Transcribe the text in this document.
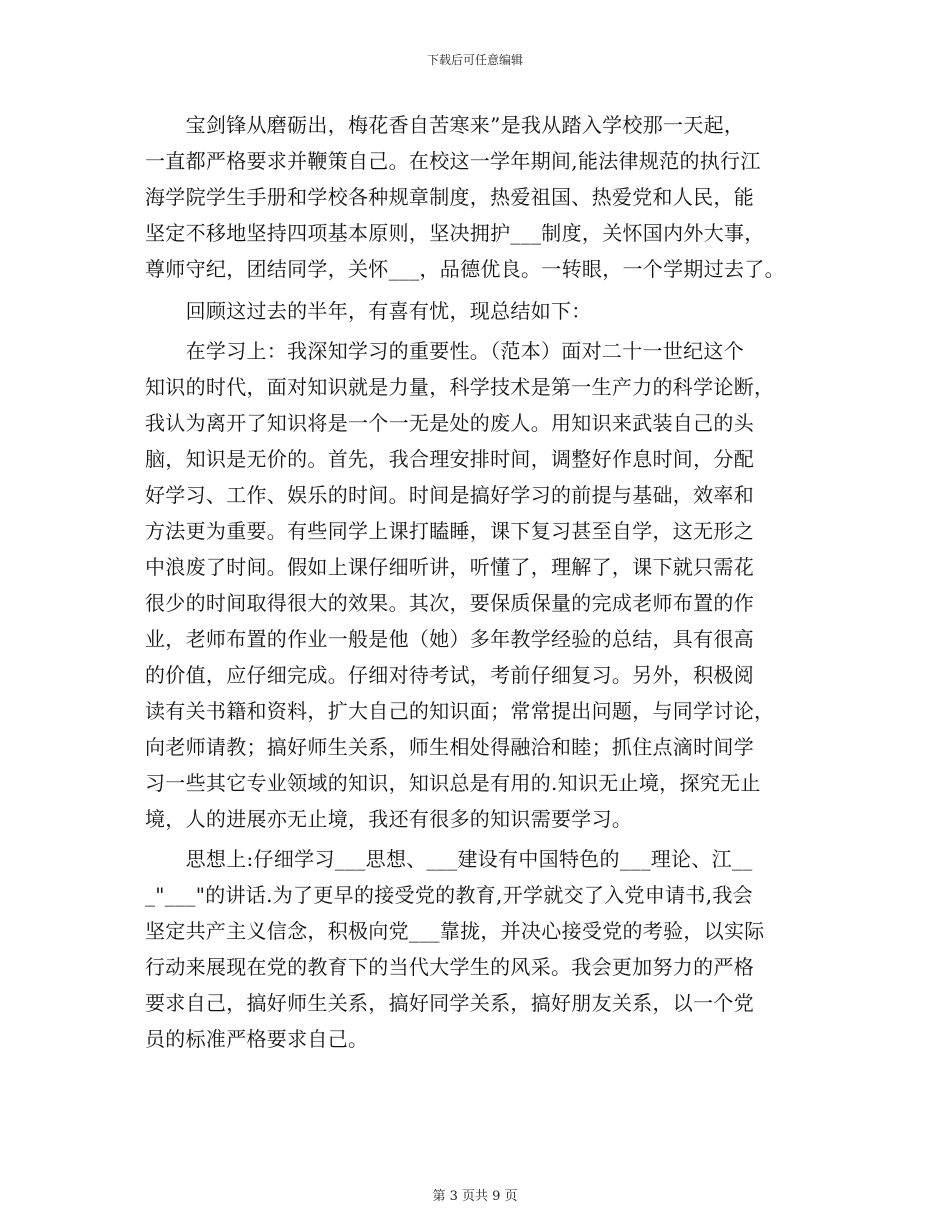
下载后可任意编辑
　　宝剑锋从磨砺出，梅花香自苦寒来”是我从踏入学校那一天起，
一直都严格要求并鞭策自己。在校这一学年期间,能法律规范的执行江
海学院学生手册和学校各种规章制度，热爱祖国、热爱党和人民，能
坚定不移地坚持四项基本原则，坚决拥护___制度，关怀国内外大事，
尊师守纪，团结同学，关怀___，品德优良。一转眼，一个学期过去了。
　　回顾这过去的半年，有喜有忧，现总结如下：
　　在学习上：我深知学习的重要性。（范本）面对二十一世纪这个
知识的时代，面对知识就是力量，科学技术是第一生产力的科学论断，
我认为离开了知识将是一个一无是处的废人。用知识来武装自己的头
脑，知识是无价的。首先，我合理安排时间，调整好作息时间，分配
好学习、工作、娱乐的时间。时间是搞好学习的前提与基础，效率和
方法更为重要。有些同学上课打瞌睡，课下复习甚至自学，这无形之
中浪废了时间。假如上课仔细听讲，听懂了，理解了，课下就只需花
很少的时间取得很大的效果。其次，要保质保量的完成老师布置的作
业，老师布置的作业一般是他（她）多年教学经验的总结，具有很高
的价值，应仔细完成。仔细对待考试，考前仔细复习。另外，积极阅
读有关书籍和资料，扩大自己的知识面；常常提出问题，与同学讨论，
向老师请教；搞好师生关系，师生相处得融洽和睦；抓住点滴时间学
习一些其它专业领域的知识，知识总是有用的.知识无止境，探究无止
境，人的进展亦无止境，我还有很多的知识需要学习。
　　思想上:仔细学习___思想、___建设有中国特色的___理论、江__
_"___"的讲话.为了更早的接受党的教育,开学就交了入党申请书,我会
坚定共产主义信念，积极向党___靠拢，并决心接受党的考验，以实际
行动来展现在党的教育下的当代大学生的风采。我会更加努力的严格
要求自己，搞好师生关系，搞好同学关系，搞好朋友关系，以一个党
员的标准严格要求自己。
第 3 页共 9 页
